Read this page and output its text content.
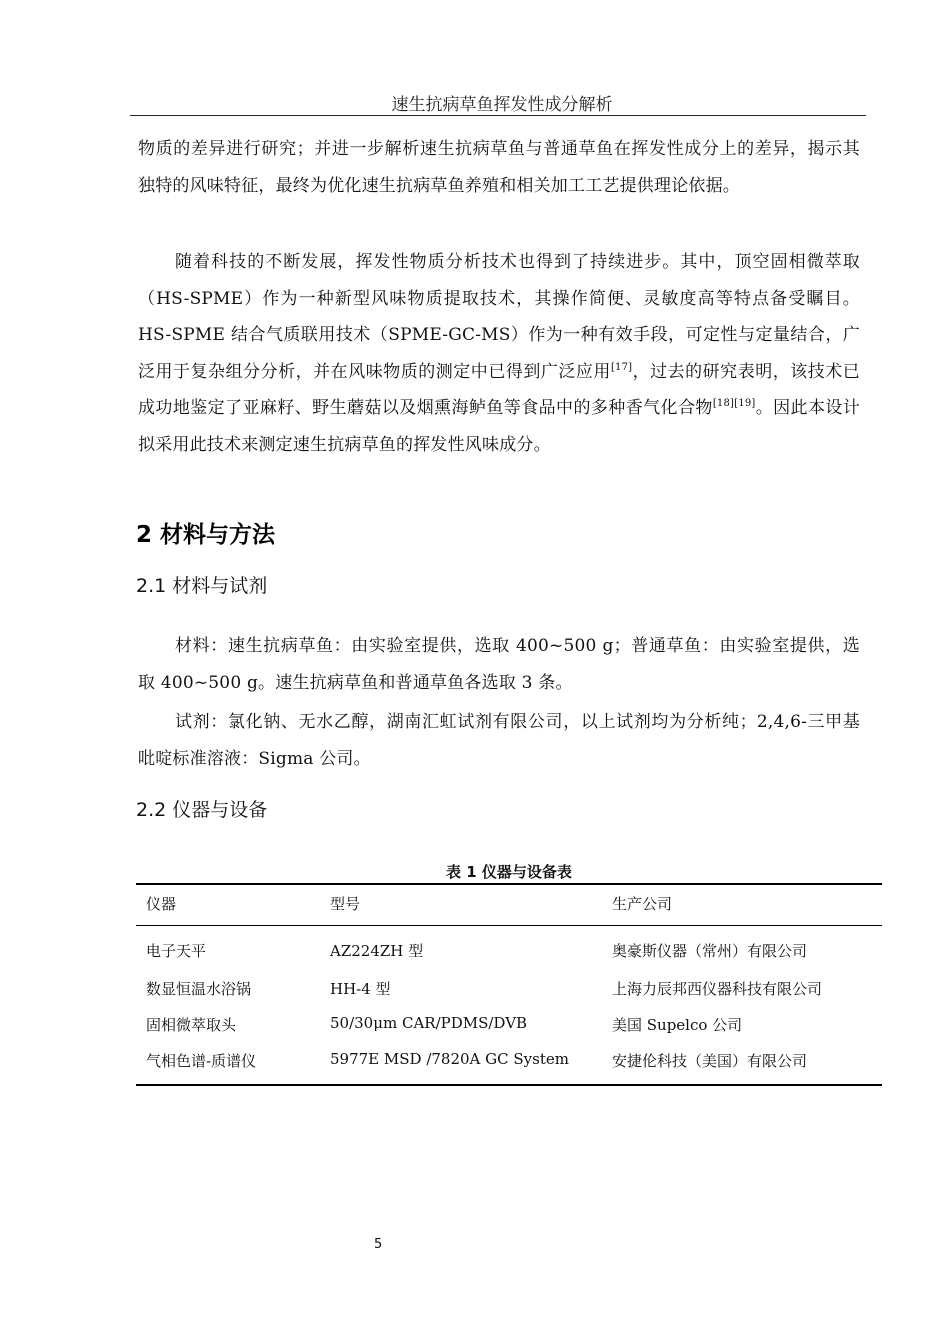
速生抗病草鱼挥发性成分解析
物质的差异进行研究；并进一步解析速生抗病草鱼与普通草鱼在挥发性成分上的差异，揭示其独特的风味特征，最终为优化速生抗病草鱼养殖和相关加工工艺提供理论依据。
随着科技的不断发展，挥发性物质分析技术也得到了持续进步。其中，顶空固相微萃取（HS-SPME）作为一种新型风味物质提取技术，其操作简便、灵敏度高等特点备受瞩目。HS-SPME 结合气质联用技术（SPME-GC-MS）作为一种有效手段，可定性与定量结合，广泛用于复杂组分分析，并在风味物质的测定中已得到广泛应用[17]，过去的研究表明，该技术已成功地鉴定了亚麻籽、野生蘑菇以及烟熏海鲈鱼等食品中的多种香气化合物[18][19]。因此本设计拟采用此技术来测定速生抗病草鱼的挥发性风味成分。
2 材料与方法
2.1 材料与试剂
材料：速生抗病草鱼：由实验室提供，选取 400~500 g；普通草鱼：由实验室提供，选取 400~500 g。速生抗病草鱼和普通草鱼各选取 3 条。
试剂：氯化钠、无水乙醇，湖南汇虹试剂有限公司，以上试剂均为分析纯；2,4,6-三甲基吡啶标准溶液：Sigma 公司。
2.2 仪器与设备
表 1 仪器与设备表
仪器	型号	生产公司
电子天平	AZ224ZH 型	奥豪斯仪器（常州）有限公司
数显恒温水浴锅	HH-4 型	上海力辰邦西仪器科技有限公司
固相微萃取头	50/30μm CAR/PDMS/DVB	美国 Supelco 公司
气相色谱-质谱仪	5977E MSD /7820A GC System	安捷伦科技（美国）有限公司
5
